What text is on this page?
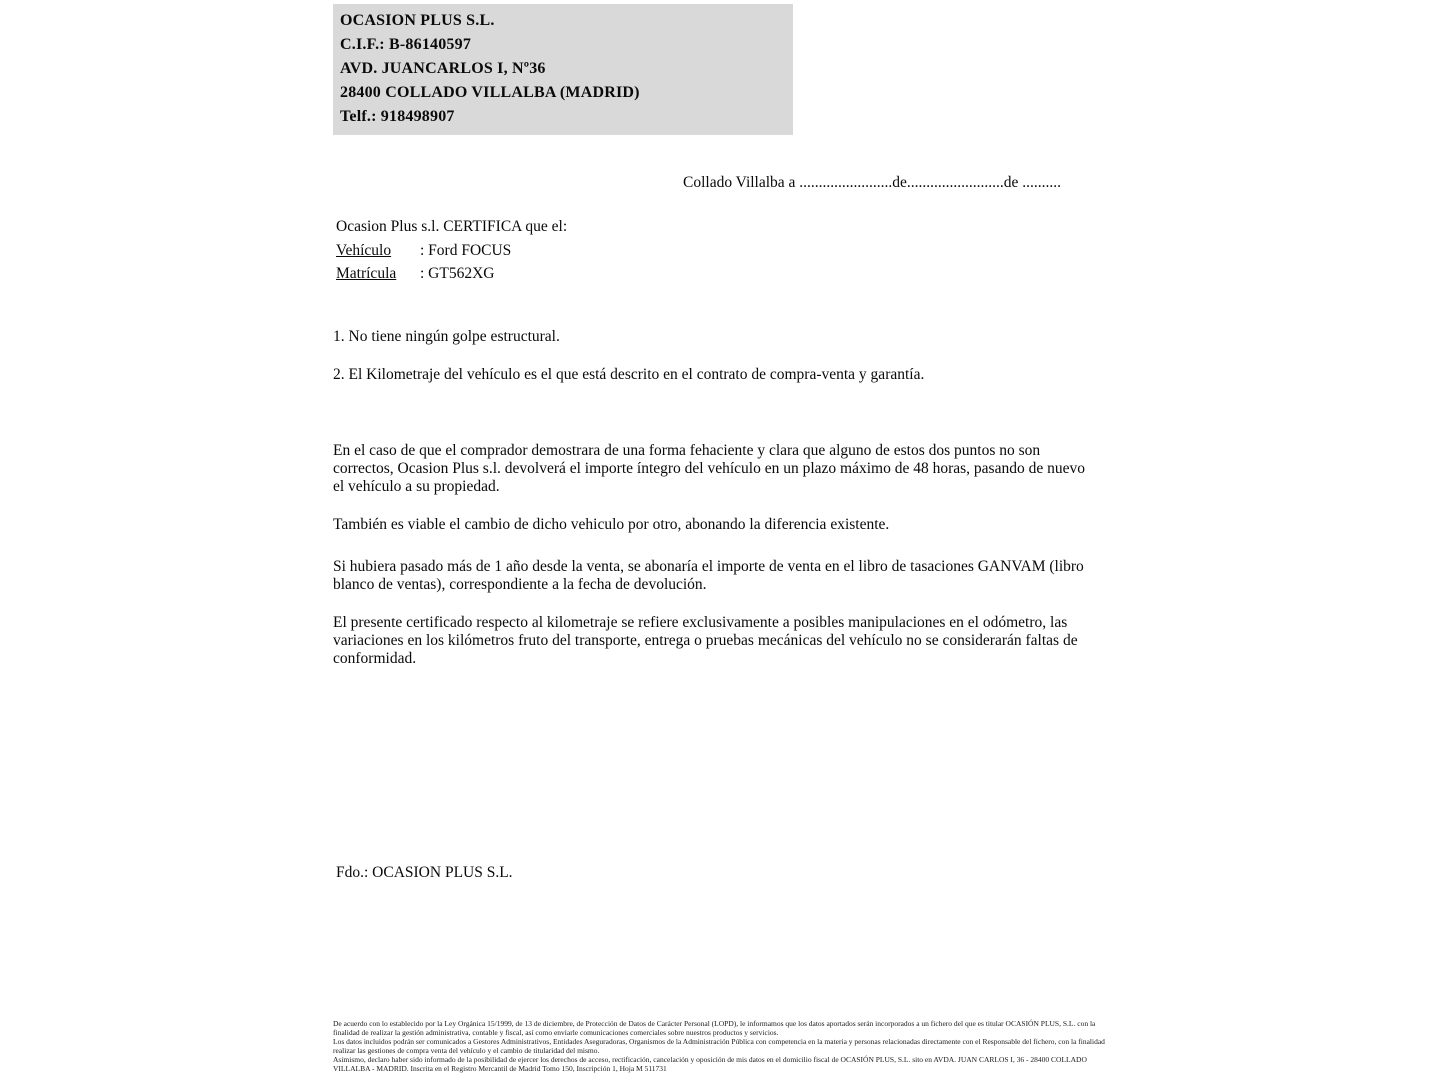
OCASION PLUS S.L.
C.I.F.: B-86140597
AVD. JUANCARLOS I, Nº36
28400 COLLADO VILLALBA (MADRID)
Telf.: 918498907
Collado Villalba a ........................de.........................de ..........
Ocasion Plus s.l. CERTIFICA que el:
Vehículo : Ford FOCUS
Matrícula : GT562XG
1. No tiene ningún golpe estructural.
2. El Kilometraje del vehículo es el que está descrito en el contrato de compra-venta y garantía.
En el caso de que el comprador demostrara de una forma fehaciente y clara que alguno de estos dos puntos no son correctos, Ocasion Plus s.l. devolverá el importe íntegro del vehículo en un plazo máximo de 48 horas, pasando de nuevo el vehículo a su propiedad.
También es viable el cambio de dicho vehiculo por otro, abonando la diferencia existente.
Si hubiera pasado más de 1 año desde la venta, se abonaría el importe de venta en el libro de tasaciones GANVAM (libro blanco de ventas), correspondiente a la fecha de devolución.
El presente certificado respecto al kilometraje se refiere exclusivamente a posibles manipulaciones en el odómetro, las variaciones en los kilómetros fruto del transporte, entrega o pruebas mecánicas del vehículo no se considerarán faltas de conformidad.
Fdo.: OCASION PLUS S.L.
De acuerdo con lo establecido por la Ley Orgánica 15/1999, de 13 de diciembre, de Protección de Datos de Carácter Personal (LOPD), le informamos que los datos aportados serán incorporados a un fichero del que es titular OCASIÓN PLUS, S.L. con la finalidad de realizar la gestión administrativa, contable y fiscal, así como enviarle comunicaciones comerciales sobre nuestros productos y servicios.
Los datos incluidos podrán ser comunicados a Gestores Administrativos, Entidades Aseguradoras, Organismos de la Administración Pública con competencia en la materia y personas relacionadas directamente con el Responsable del fichero, con la finalidad realizar las gestiones de compra venta del vehículo y el cambio de titularidad del mismo.
Asimismo, declaro haber sido informado de la posibilidad de ejercer los derechos de acceso, rectificación, cancelación y oposición de mis datos en el domicilio fiscal de OCASIÓN PLUS, S.L. sito en AVDA. JUAN CARLOS I, 36 - 28400 COLLADO VILLALBA - MADRID. Inscrita en el Registro Mercantil de Madrid Tomo 150, Inscripción 1, Hoja M 511731
